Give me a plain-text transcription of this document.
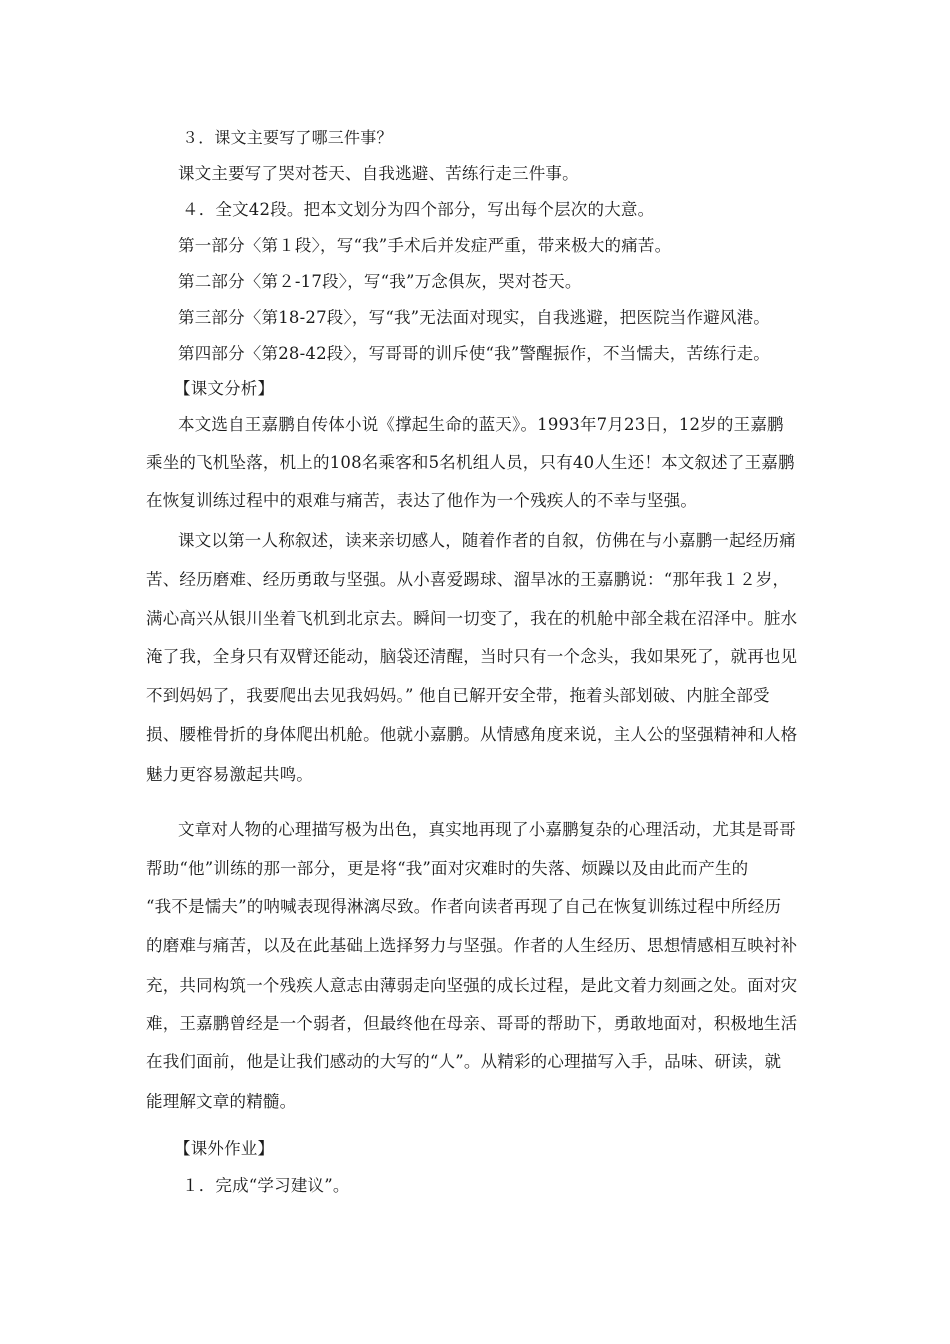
３．课文主要写了哪三件事？
课文主要写了哭对苍天、自我逃避、苦练行走三件事。
４．全文42段。把本文划分为四个部分，写出每个层次的大意。
第一部分〈第１段〉，写“我”手术后并发症严重，带来极大的痛苦。
第二部分〈第２-17段〉，写“我”万念俱灰，哭对苍天。
第三部分〈第18-27段〉，写“我”无法面对现实，自我逃避，把医院当作避风港。
第四部分〈第28-42段〉，写哥哥的训斥使“我”警醒振作，不当懦夫，苦练行走。
【课文分析】
本文选自王嘉鹏自传体小说《撑起生命的蓝天》。1993年7月23日，12岁的王嘉鹏
乘坐的飞机坠落，机上的108名乘客和5名机组人员，只有40人生还！本文叙述了王嘉鹏
在恢复训练过程中的艰难与痛苦，表达了他作为一个残疾人的不幸与坚强。
课文以第一人称叙述，读来亲切感人，随着作者的自叙，仿佛在与小嘉鹏一起经历痛
苦、经历磨难、经历勇敢与坚强。从小喜爱踢球、溜旱冰的王嘉鹏说：“那年我１２岁，
满心高兴从银川坐着飞机到北京去。瞬间一切变了，我在的机舱中部全栽在沼泽中。脏水
淹了我，全身只有双臂还能动，脑袋还清醒，当时只有一个念头，我如果死了，就再也见
不到妈妈了，我要爬出去见我妈妈。” 他自已解开安全带，拖着头部划破、内脏全部受
损、腰椎骨折的身体爬出机舱。他就小嘉鹏。从情感角度来说，主人公的坚强精神和人格
魅力更容易激起共鸣。
文章对人物的心理描写极为出色，真实地再现了小嘉鹏复杂的心理活动，尤其是哥哥
帮助“他”训练的那一部分，更是将“我”面对灾难时的失落、烦躁以及由此而产生的
“我不是懦夫”的呐喊表现得淋漓尽致。作者向读者再现了自己在恢复训练过程中所经历
的磨难与痛苦，以及在此基础上选择努力与坚强。作者的人生经历、思想情感相互映衬补
充，共同构筑一个残疾人意志由薄弱走向坚强的成长过程，是此文着力刻画之处。面对灾
难，王嘉鹏曾经是一个弱者，但最终他在母亲、哥哥的帮助下，勇敢地面对，积极地生活
在我们面前，他是让我们感动的大写的“人”。从精彩的心理描写入手，品味、研读，就
能理解文章的精髓。
【课外作业】
１．完成“学习建议”。
